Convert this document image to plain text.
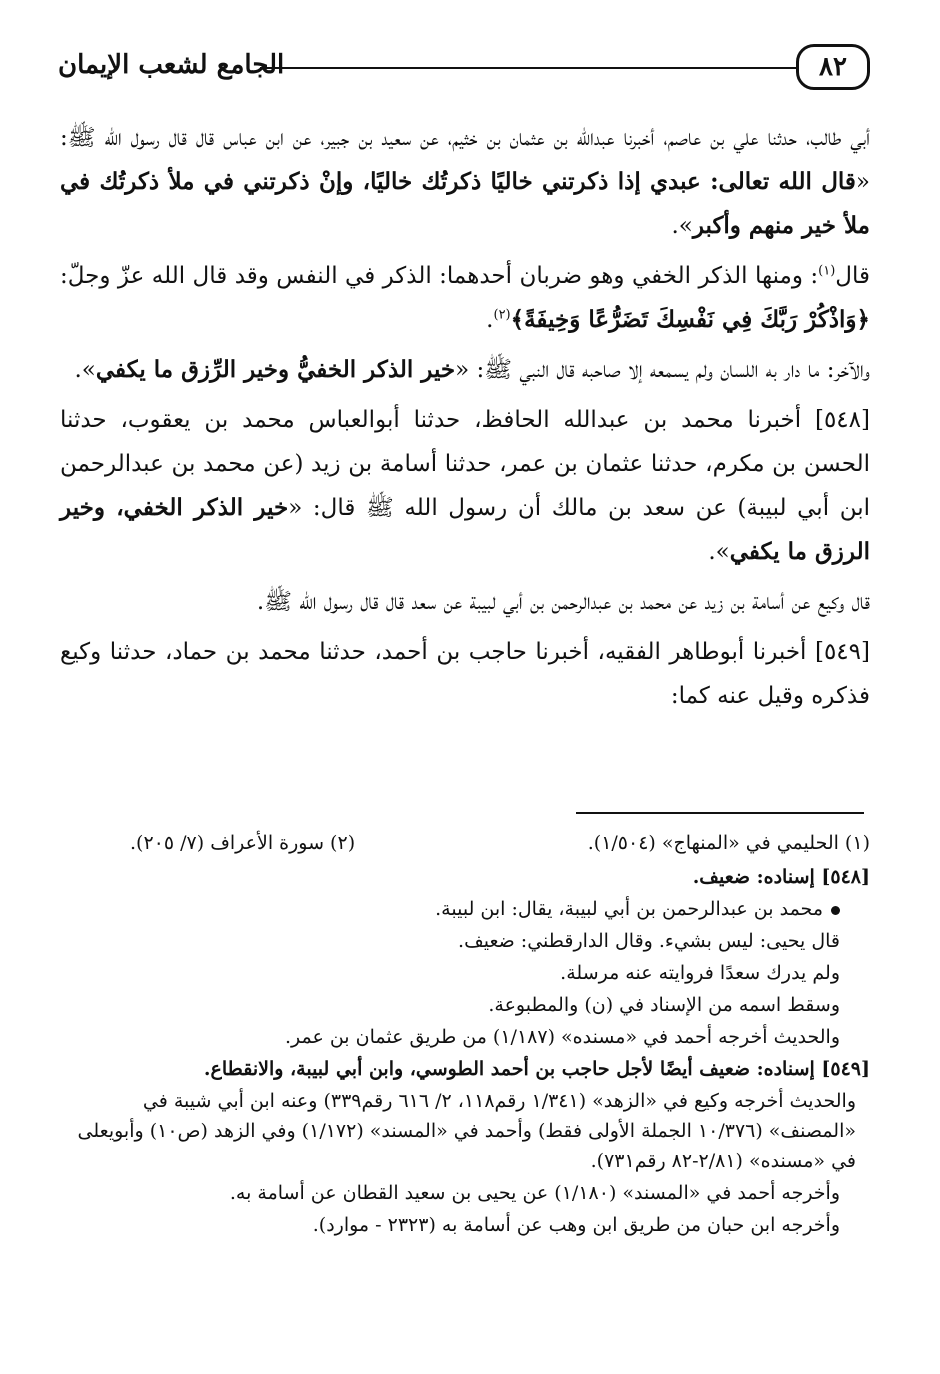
٨٢
الجامع لشعب الإيمان

أبي طالب، حدثنا علي بن عاصم، أخبرنا عبدالله بن عثمان بن خثيم، عن سعيد بن جبير، عن ابن عباس قال قال رسول الله ﷺ: «قال الله تعالى: عبدي إذا ذكرتني خاليًا ذكرتُك خاليًا، وإنْ ذكرتني في ملأ ذكرتُك في ملأ خير منهم وأكبر».

قال$^{(١)}$: ومنها الذكر الخفي وهو ضربان أحدهما: الذكر في النفس وقد قال الله عزّ وجلّ: ﴿وَاذْكُرْ رَبَّكَ فِي نَفْسِكَ تَضَرُّعًا وَخِيفَةً﴾$^{(٢)}$.

والآخر: ما دار به اللسان ولم يسمعه إلا صاحبه قال النبي ﷺ: «خير الذكر الخفيُّ وخير الرِّزق ما يكفي».

[٥٤٨] أخبرنا محمد بن عبدالله الحافظ، حدثنا أبوالعباس محمد بن يعقوب، حدثنا الحسن بن مكرم، حدثنا عثمان بن عمر، حدثنا أسامة بن زيد (عن محمد بن عبدالرحمن ابن أبي لبيبة) عن سعد بن مالك أن رسول الله ﷺ قال: «خير الذكر الخفي، وخير الرزق ما يكفي».

قال وكيع عن أسامة بن زيد عن محمد بن عبدالرحمن بن أبي لبيبة عن سعد قال قال رسول الله ﷺ.

[٥٤٩] أخبرنا أبوطاهر الفقيه، أخبرنا حاجب بن أحمد، حدثنا محمد بن حماد، حدثنا وكيع فذكره وقيل عنه كما:

(١) الحليمي في «المنهاج» (١/٥٠٤).
(٢) سورة الأعراف (٧/ ٢٠٥).

[٥٤٨] إسناده: ضعيف.

محمد بن عبدالرحمن بن أبي لبيبة، يقال: ابن لبيبة.

قال يحيى: ليس بشيء. وقال الدارقطني: ضعيف.

ولم يدرك سعدًا فروايته عنه مرسلة.

وسقط اسمه من الإسناد في (ن) والمطبوعة.

والحديث أخرجه أحمد في «مسنده» (١/١٨٧) من طريق عثمان بن عمر.

[٥٤٩] إسناده: ضعيف أيضًا لأجل حاجب بن أحمد الطوسي، وابن أبي لبيبة، والانقطاع.

والحديث أخرجه وكيع في «الزهد» (١/٣٤١ رقم١١٨، ٢/ ٦١٦ رقم٣٣٩) وعنه ابن أبي شيبة في «المصنف» (١٠/٣٧٦ الجملة الأولى فقط) وأحمد في «المسند» (١/١٧٢) وفي الزهد (ص١٠) وأبويعلى في «مسنده» (٢/٨١-٨٢ رقم٧٣١).

وأخرجه أحمد في «المسند» (١/١٨٠) عن يحيى بن سعيد القطان عن أسامة به.

وأخرجه ابن حبان من طريق ابن وهب عن أسامة به (٢٣٢٣ - موارد).
